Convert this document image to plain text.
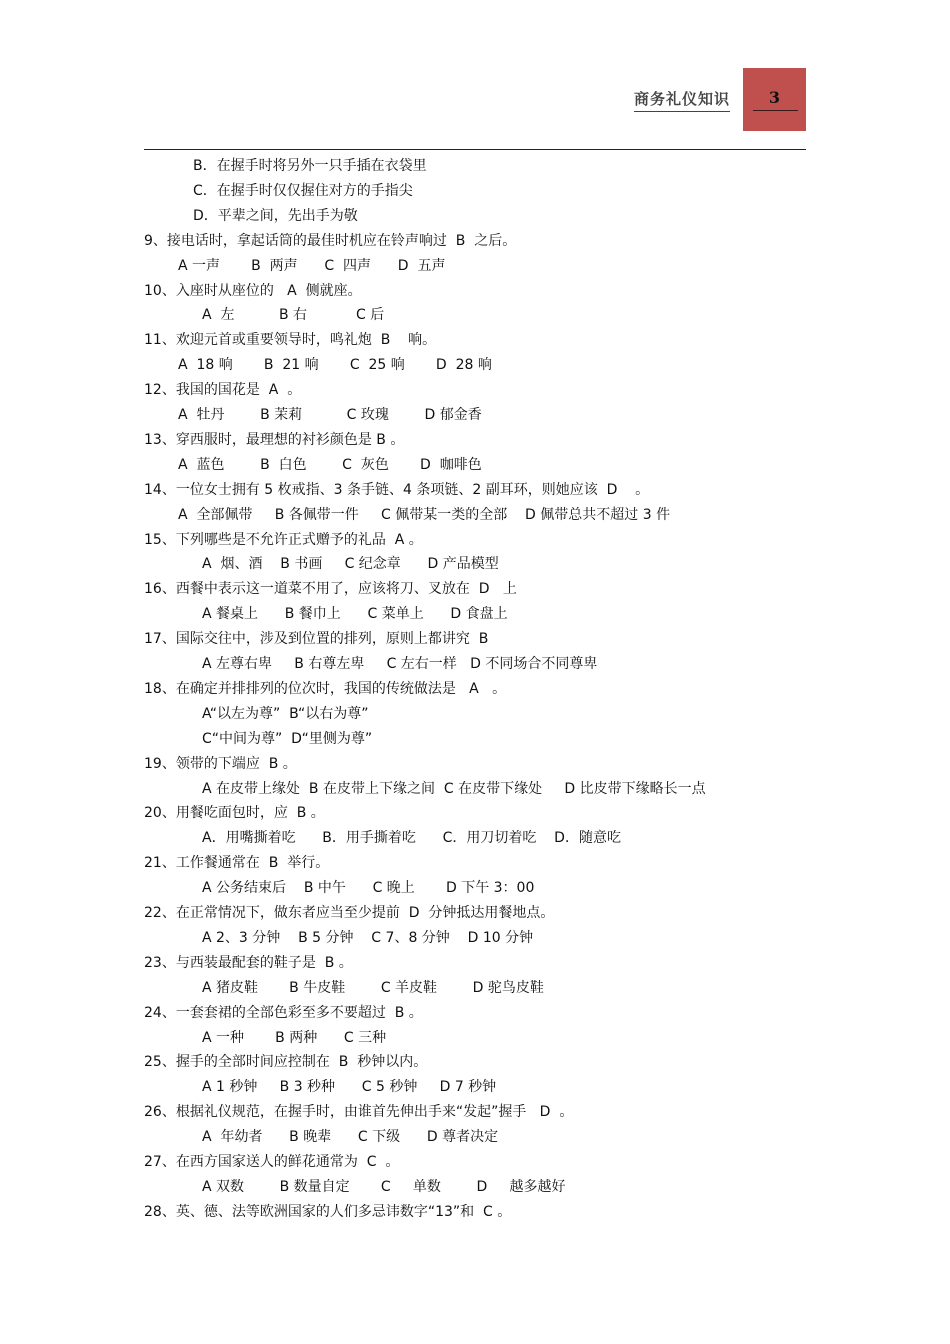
商务礼仪知识	3
B．在握手时将另外一只手插在衣袋里
C．在握手时仅仅握住对方的手指尖
D．平辈之间，先出手为敬
9、接电话时，拿起话筒的最佳时机应在铃声响过  B  之后。
A 一声       B  两声      C  四声      D  五声
10、入座时从座位的   A  侧就座。
A  左          B 右           C 后
11、欢迎元首或重要领导时，鸣礼炮  B    响。
A  18 响       B  21 响       C  25 响       D  28 响
12、我国的国花是  A  。
A  牡丹        B 茉莉          C 玫瑰        D 郁金香
13、穿西服时，最理想的衬衫颜色是 B 。
A  蓝色        B  白色        C  灰色       D  咖啡色
14、一位女士拥有 5 枚戒指、3 条手链、4 条项链、2 副耳环，则她应该  D    。
A  全部佩带     B 各佩带一件     C 佩带某一类的全部    D 佩带总共不超过 3 件
15、下列哪些是不允许正式赠予的礼品  A 。
A  烟、酒    B 书画     C 纪念章      D 产品模型
16、西餐中表示这一道菜不用了，应该将刀、叉放在  D   上
A 餐桌上      B 餐巾上      C 菜单上      D 食盘上
17、国际交往中，涉及到位置的排列，原则上都讲究  B
A 左尊右卑     B 右尊左卑     C 左右一样   D 不同场合不同尊卑
18、在确定并排排列的位次时，我国的传统做法是   A   。
A“以左为尊”  B“以右为尊”
C“中间为尊”  D“里侧为尊”
19、领带的下端应  B 。
A 在皮带上缘处  B 在皮带上下缘之间  C 在皮带下缘处     D 比皮带下缘略长一点
20、用餐吃面包时，应  B 。
A．用嘴撕着吃      B．用手撕着吃      C．用刀切着吃    D．随意吃
21、工作餐通常在  B  举行。
A 公务结束后    B 中午      C 晚上       D 下午 3：00
22、在正常情况下，做东者应当至少提前  D  分钟抵达用餐地点。
A 2、3 分钟    B 5 分钟    C 7、8 分钟    D 10 分钟
23、与西装最配套的鞋子是  B 。
A 猪皮鞋       B 牛皮鞋        C 羊皮鞋        D 驼鸟皮鞋
24、一套套裙的全部色彩至多不要超过  B 。
A 一种       B 两种      C 三种
25、握手的全部时间应控制在  B  秒钟以内。
A 1 秒钟     B 3 秒种      C 5 秒钟     D 7 秒钟
26、根据礼仪规范，在握手时，由谁首先伸出手来“发起”握手   D  。
A  年幼者      B 晚辈      C 下级      D 尊者决定
27、在西方国家送人的鲜花通常为  C  。
A 双数        B 数量自定       C     单数        D     越多越好
28、英、德、法等欧洲国家的人们多忌讳数字“13”和  C 。
